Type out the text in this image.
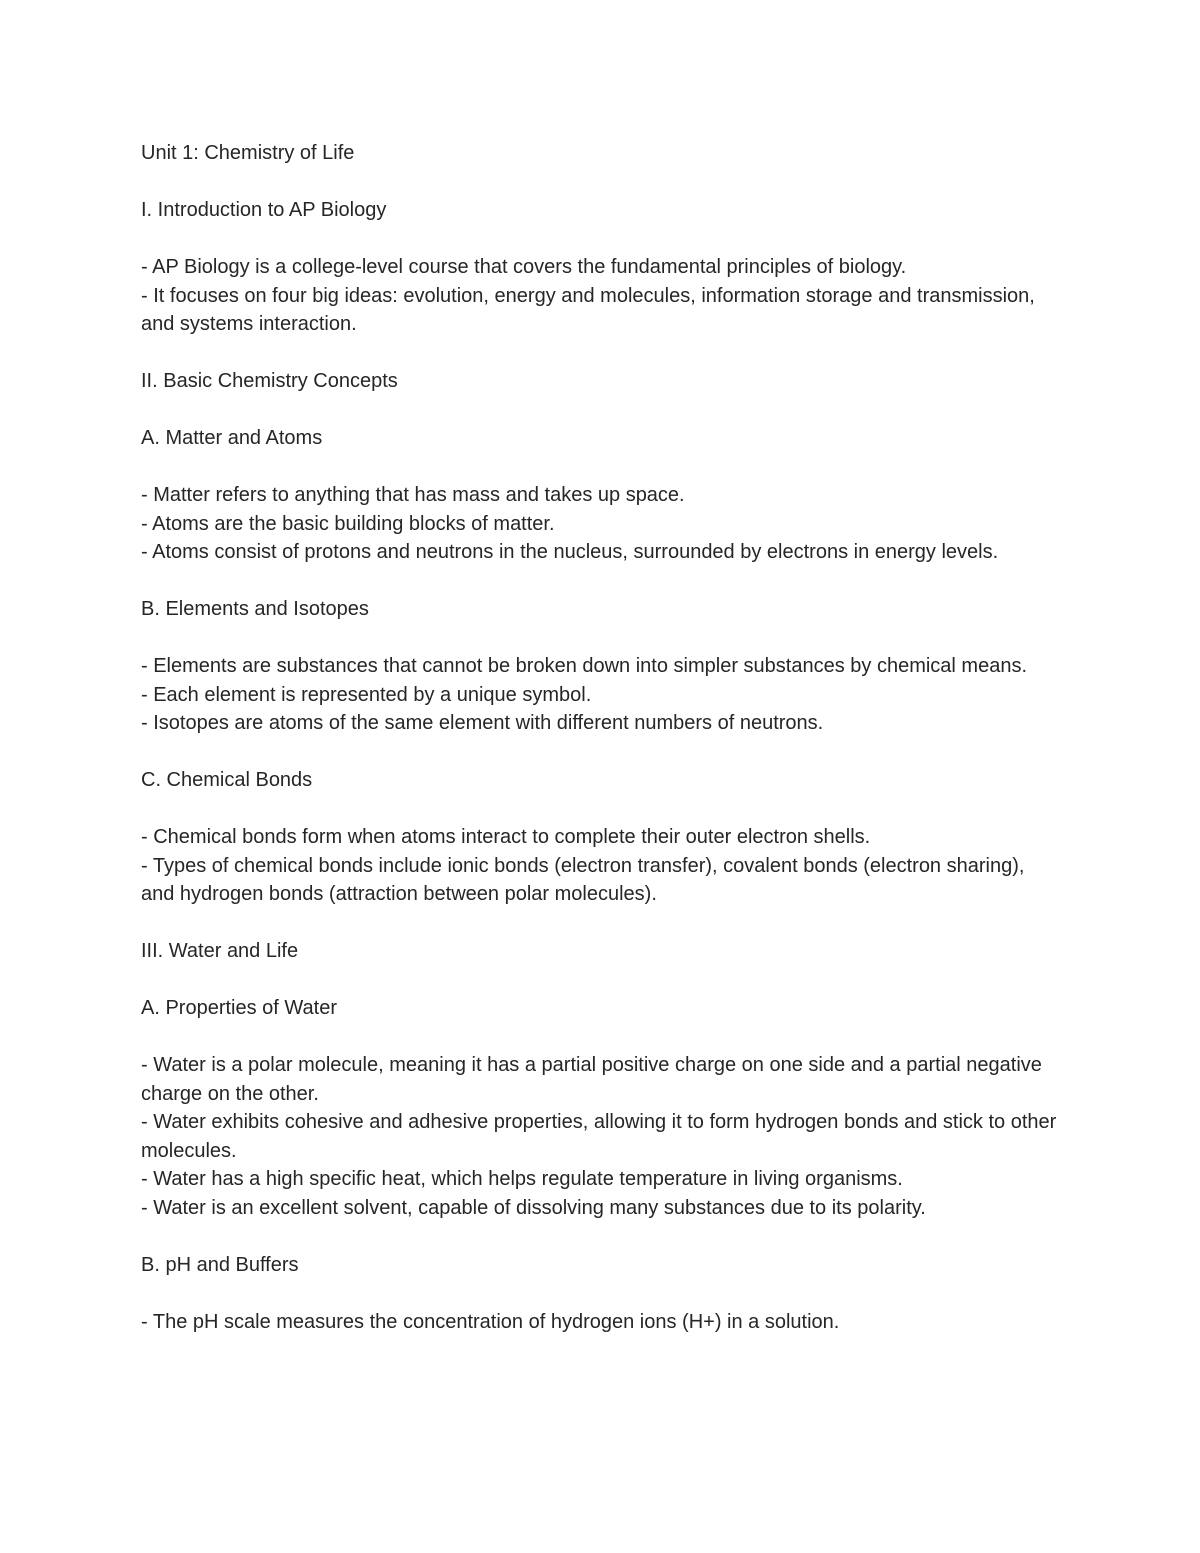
Unit 1: Chemistry of Life

I. Introduction to AP Biology

- AP Biology is a college-level course that covers the fundamental principles of biology.

- It focuses on four big ideas: evolution, energy and molecules, information storage and transmission, and systems interaction.

II. Basic Chemistry Concepts

A. Matter and Atoms

- Matter refers to anything that has mass and takes up space.

- Atoms are the basic building blocks of matter.

- Atoms consist of protons and neutrons in the nucleus, surrounded by electrons in energy levels.

B. Elements and Isotopes

- Elements are substances that cannot be broken down into simpler substances by chemical means.

- Each element is represented by a unique symbol.

- Isotopes are atoms of the same element with different numbers of neutrons.

C. Chemical Bonds

- Chemical bonds form when atoms interact to complete their outer electron shells.

- Types of chemical bonds include ionic bonds (electron transfer), covalent bonds (electron sharing), and hydrogen bonds (attraction between polar molecules).

III. Water and Life

A. Properties of Water

- Water is a polar molecule, meaning it has a partial positive charge on one side and a partial negative charge on the other.

- Water exhibits cohesive and adhesive properties, allowing it to form hydrogen bonds and stick to other molecules.

- Water has a high specific heat, which helps regulate temperature in living organisms.

- Water is an excellent solvent, capable of dissolving many substances due to its polarity.

B. pH and Buffers

- The pH scale measures the concentration of hydrogen ions (H+) in a solution.
